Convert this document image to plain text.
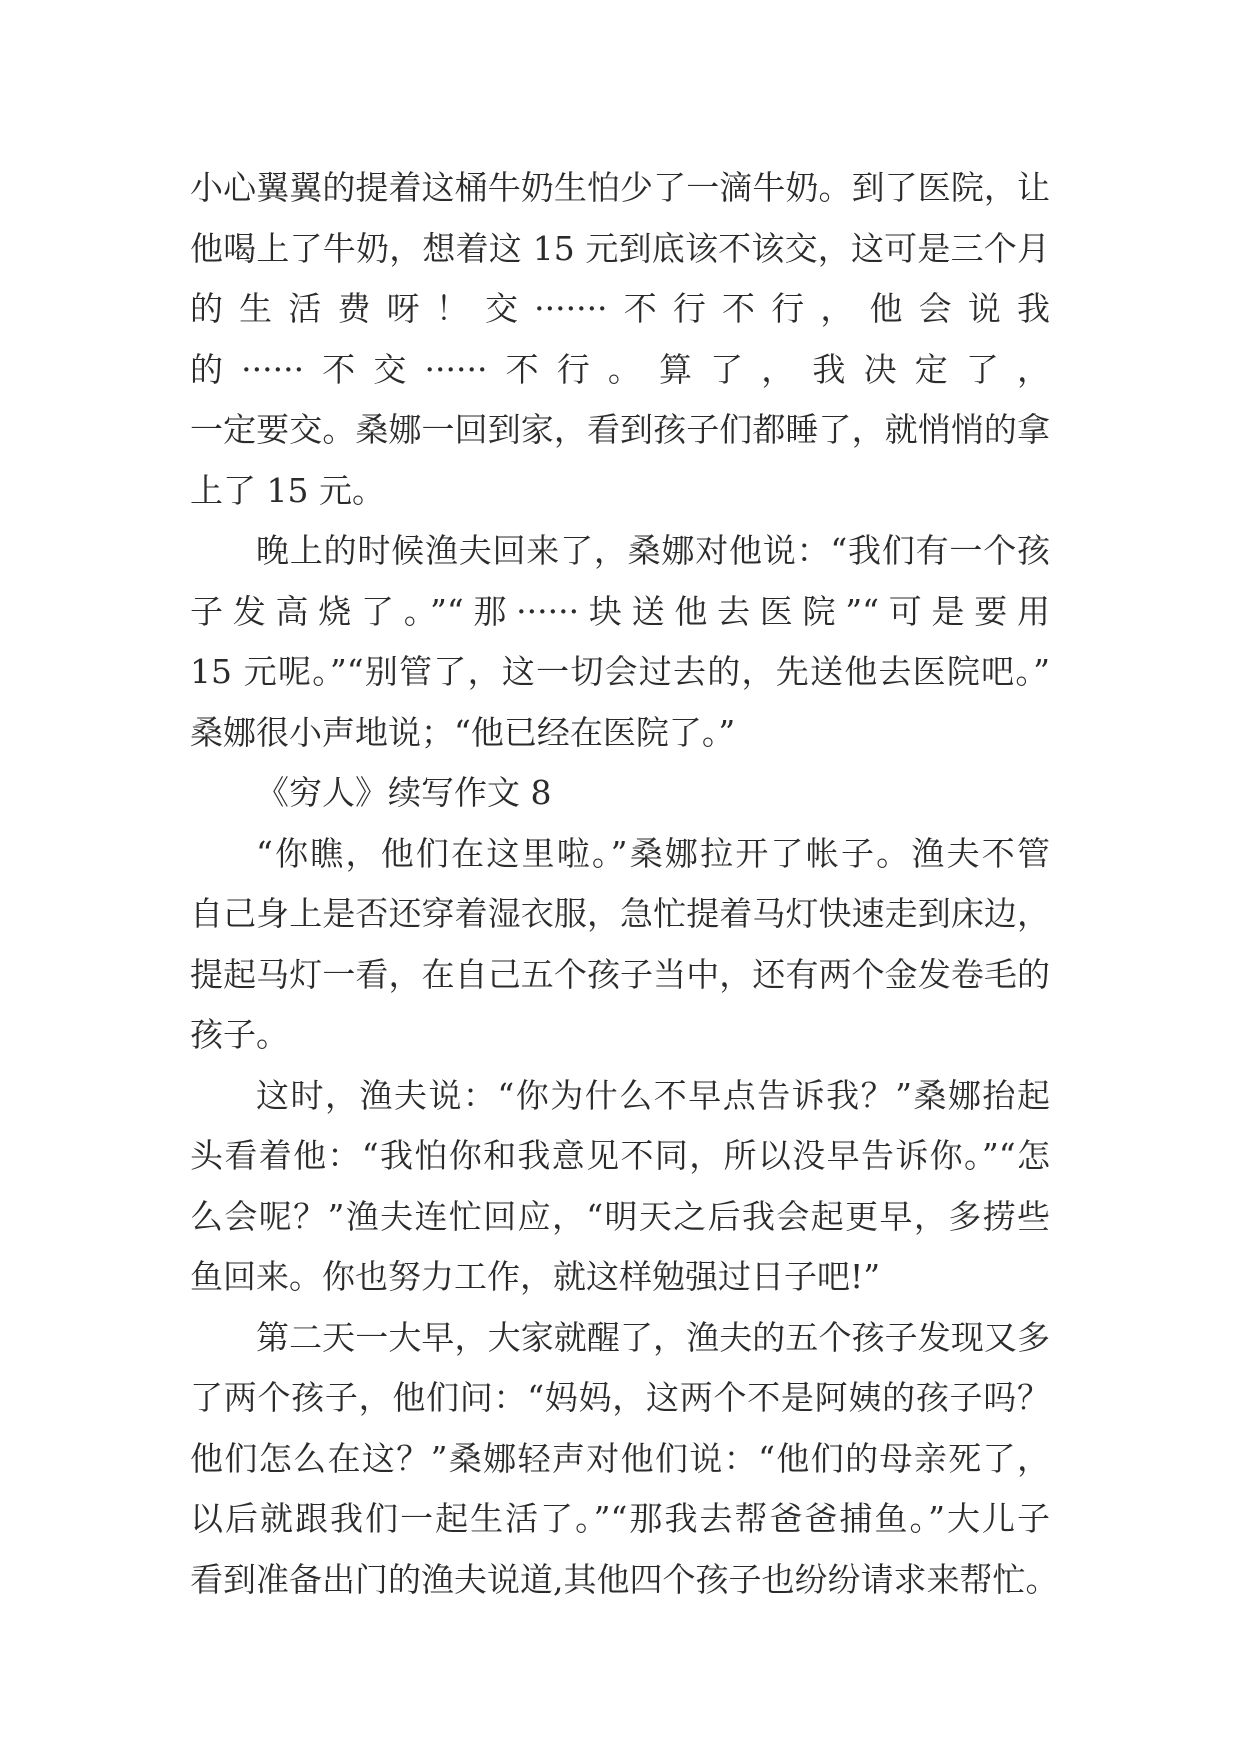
小心翼翼的提着这桶牛奶生怕少了一滴牛奶。到了医院，让
他喝上了牛奶，想着这 15 元到底该不该交，这可是三个月
的生活费呀！交·······不行不行，他会说我
的······不交······不行。算了，我决定了，
一定要交。桑娜一回到家，看到孩子们都睡了，就悄悄的拿
上了 15 元。
晚上的时候渔夫回来了，桑娜对他说：“我们有一个孩
子发高烧了。”“那······块送他去医院”“可是要用
15 元呢。”“别管了，这一切会过去的，先送他去医院吧。”
桑娜很小声地说；“他已经在医院了。”
《穷人》续写作文 8
“你瞧，他们在这里啦。”桑娜拉开了帐子。渔夫不管
自己身上是否还穿着湿衣服，急忙提着马灯快速走到床边，
提起马灯一看，在自己五个孩子当中，还有两个金发卷毛的
孩子。
这时，渔夫说：“你为什么不早点告诉我？”桑娜抬起
头看着他：“我怕你和我意见不同，所以没早告诉你。”“怎
么会呢？”渔夫连忙回应，“明天之后我会起更早，多捞些
鱼回来。你也努力工作，就这样勉强过日子吧!”
第二天一大早，大家就醒了，渔夫的五个孩子发现又多
了两个孩子，他们问：“妈妈，这两个不是阿姨的孩子吗？
他们怎么在这？”桑娜轻声对他们说：“他们的母亲死了，
以后就跟我们一起生活了。”“那我去帮爸爸捕鱼。”大儿子
看到准备出门的渔夫说道,其他四个孩子也纷纷请求来帮忙。
